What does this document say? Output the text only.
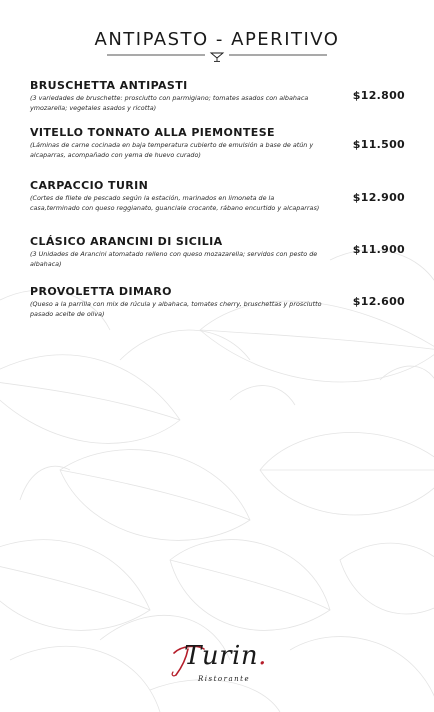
ANTIPASTO - APERITIVO
BRUSCHETTA ANTIPASTI
(3 variedades de bruschette: prosciutto con parmigiano; tomates asados con albahaca ymozarella; vegetales asados y ricotta)
$12.800
VITELLO TONNATO ALLA PIEMONTESE
(Láminas de carne cocinada en baja temperatura cubierto de emulsión a base de atún y alcaparras, acompañado con yema de huevo curado)
$11.500
CARPACCIO TURIN
(Cortes de filete de pescado según la estación, marinados en limoneta de la casa,terminado con queso reggianato, guanciale crocante, rábano encurtido y alcaparras)
$12.900
CLÁSICO ARANCINI DI SICILIA
(3 Unidades de Arancini atomatado relleno con queso mozazarella; servidos con pesto de albahaca)
$11.900
PROVOLETTA DIMARO
(Queso a la parrilla con mix de rúcula y albahaca, tomates cherry, bruschettas y prosciutto pasado aceite de oliva)
$12.600
Turin.
Ristorante
